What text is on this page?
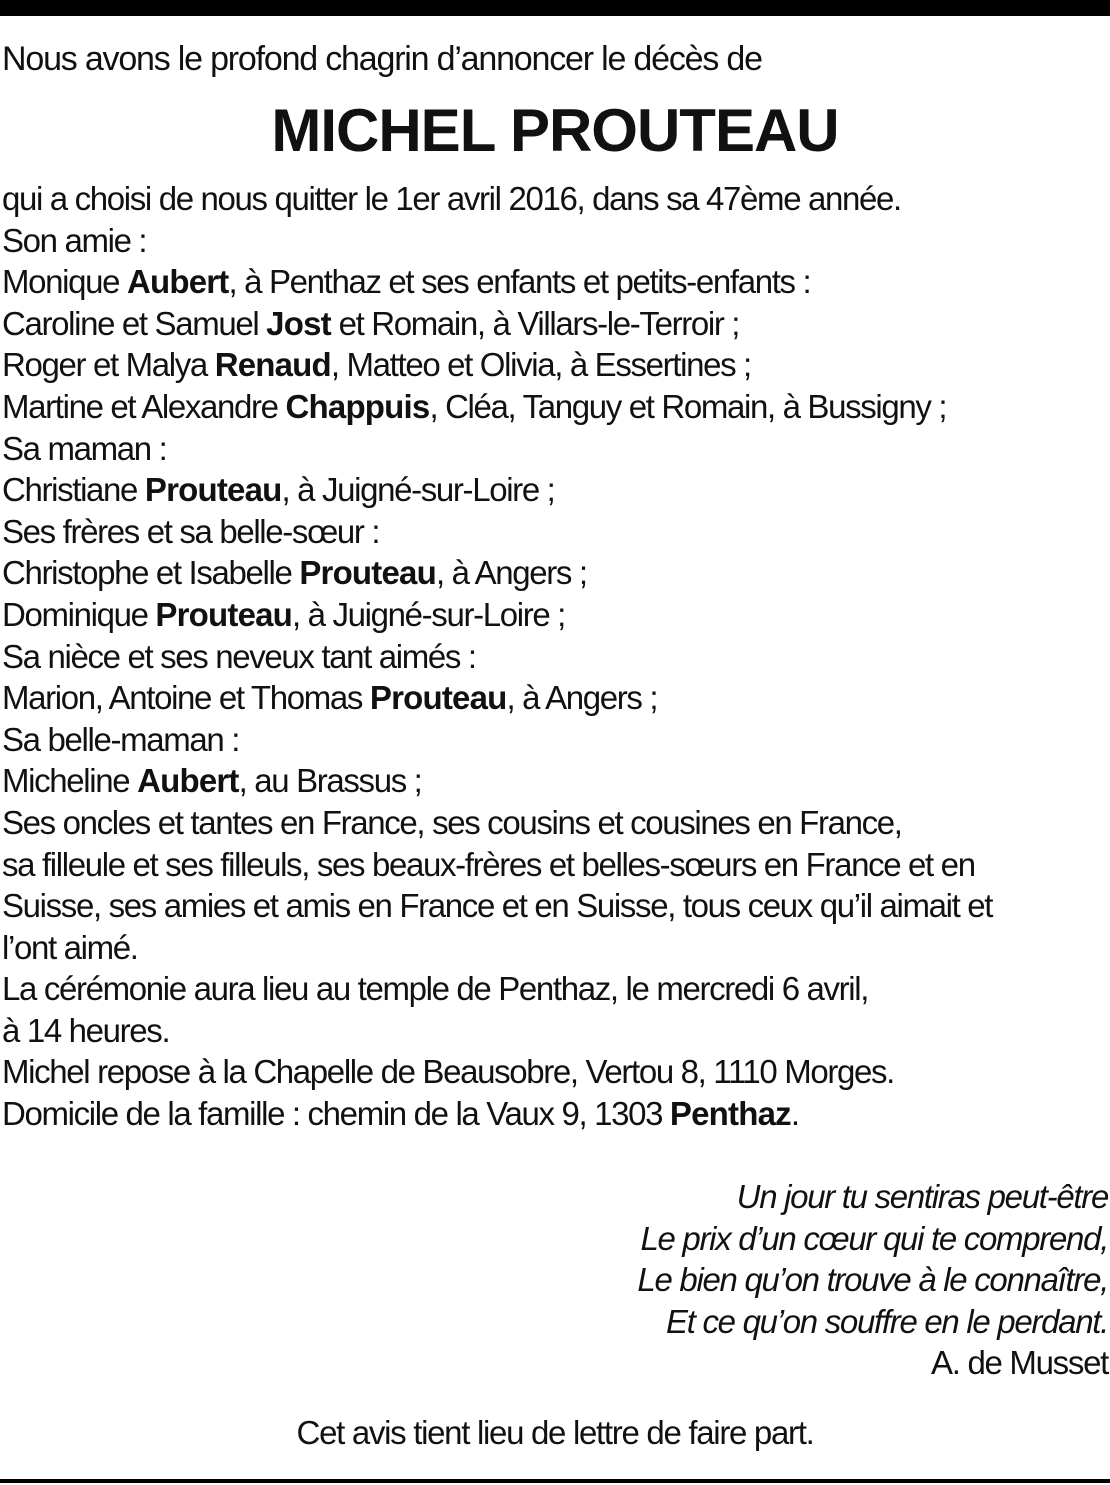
Nous avons le profond chagrin d’annoncer le décès de
MICHEL PROUTEAU
qui a choisi de nous quitter le 1er avril 2016, dans sa 47ème année.
Son amie :
Monique Aubert, à Penthaz et ses enfants et petits-enfants :
Caroline et Samuel Jost et Romain, à Villars-le-Terroir ;
Roger et Malya Renaud, Matteo et Olivia, à Essertines ;
Martine et Alexandre Chappuis, Cléa, Tanguy et Romain, à Bussigny ;
Sa maman :
Christiane Prouteau, à Juigné-sur-Loire ;
Ses frères et sa belle-sœur :
Christophe et Isabelle Prouteau, à Angers ;
Dominique Prouteau, à Juigné-sur-Loire ;
Sa nièce et ses neveux tant aimés :
Marion, Antoine et Thomas Prouteau, à Angers ;
Sa belle-maman :
Micheline Aubert, au Brassus ;
Ses oncles et tantes en France, ses cousins et cousines en France,
sa filleule et ses filleuls, ses beaux-frères et belles-sœurs en France et en
Suisse, ses amies et amis en France et en Suisse, tous ceux qu’il aimait et
l’ont aimé.
La cérémonie aura lieu au temple de Penthaz, le mercredi 6 avril,
à 14 heures.
Michel repose à la Chapelle de Beausobre, Vertou 8, 1110 Morges.
Domicile de la famille : chemin de la Vaux 9, 1303 Penthaz.
Un jour tu sentiras peut-être
Le prix d’un cœur qui te comprend,
Le bien qu’on trouve à le connaître,
Et ce qu’on souffre en le perdant.
A. de Musset
Cet avis tient lieu de lettre de faire part.
